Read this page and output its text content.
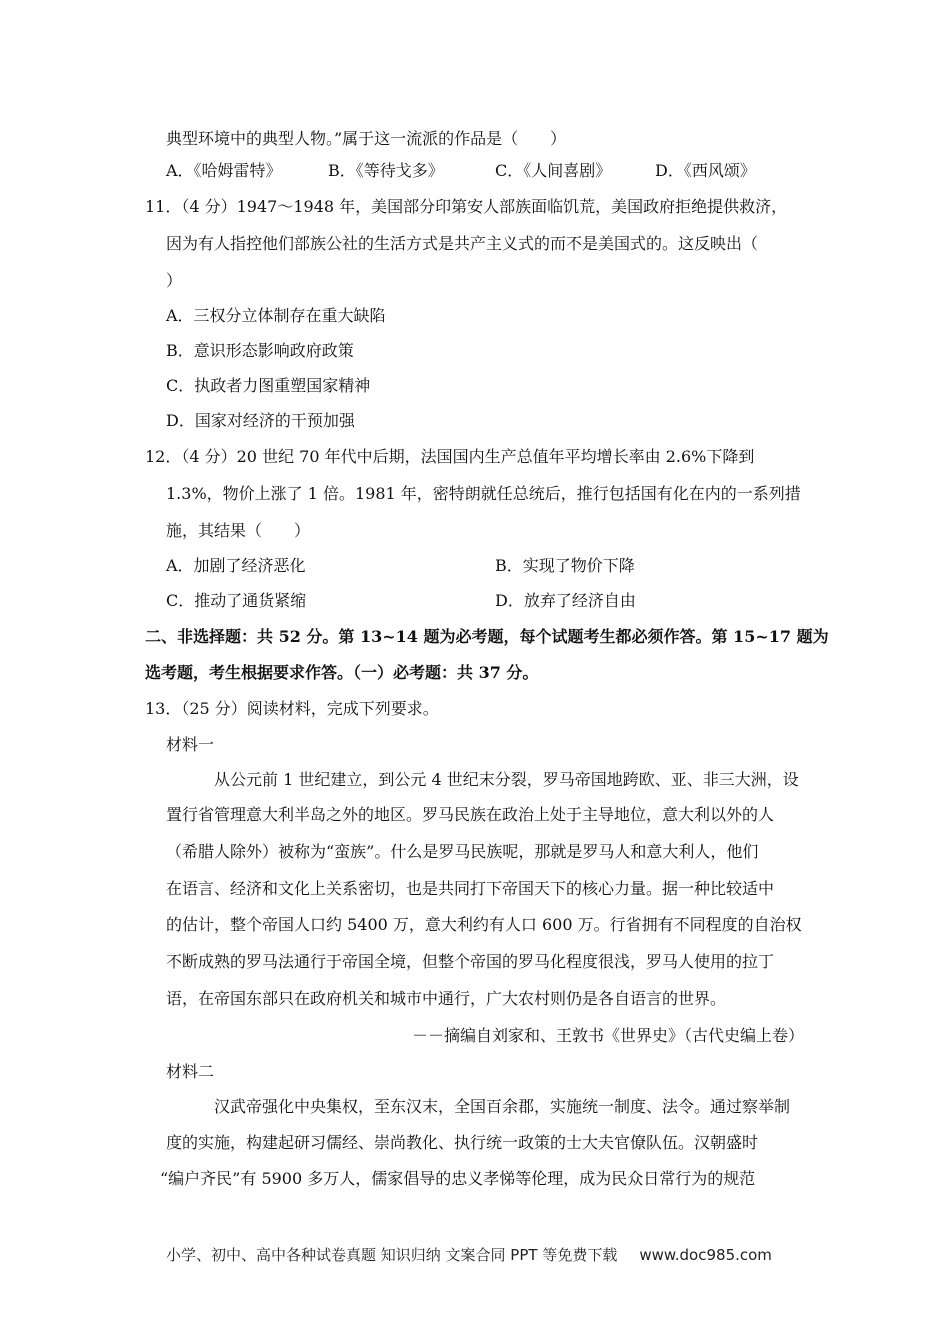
典型环境中的典型人物。”属于这一流派的作品是（　　）
A．《哈姆雷特》	B．《等待戈多》	C．《人间喜剧》	D．《西风颂》
11．（4 分）1947～1948 年，美国部分印第安人部族面临饥荒，美国政府拒绝提供救济，
因为有人指控他们部族公社的生活方式是共产主义式的而不是美国式的。这反映出（
）
A．三权分立体制存在重大缺陷
B．意识形态影响政府政策
C．执政者力图重塑国家精神
D．国家对经济的干预加强
12．（4 分）20 世纪 70 年代中后期，法国国内生产总值年平均增长率由 2.6%下降到
1.3%，物价上涨了 1 倍。1981 年，密特朗就任总统后，推行包括国有化在内的一系列措
施，其结果（　　）
A．加剧了经济恶化	B．实现了物价下降
C．推动了通货紧缩	D．放弃了经济自由
二、非选择题：共 52 分。第 13~14 题为必考题，每个试题考生都必须作答。第 15~17 题为
选考题，考生根据要求作答。（一）必考题：共 37 分。
13．（25 分）阅读材料，完成下列要求。
材料一
从公元前 1 世纪建立，到公元 4 世纪末分裂，罗马帝国地跨欧、亚、非三大洲，设
置行省管理意大利半岛之外的地区。罗马民族在政治上处于主导地位，意大利以外的人
（希腊人除外）被称为“蛮族”。什么是罗马民族呢，那就是罗马人和意大利人，他们
在语言、经济和文化上关系密切，也是共同打下帝国天下的核心力量。据一种比较适中
的估计，整个帝国人口约 5400 万，意大利约有人口 600 万。行省拥有不同程度的自治权
不断成熟的罗马法通行于帝国全境，但整个帝国的罗马化程度很浅，罗马人使用的拉丁
语，在帝国东部只在政府机关和城市中通行，广大农村则仍是各自语言的世界。
－－摘编自刘家和、王敦书《世界史》（古代史编上卷）
材料二
汉武帝强化中央集权，至东汉末，全国百余郡，实施统一制度、法令。通过察举制
度的实施，构建起研习儒经、崇尚教化、执行统一政策的士大夫官僚队伍。汉朝盛时
“编户齐民”有 5900 多万人，儒家倡导的忠义孝悌等伦理，成为民众日常行为的规范
小学、初中、高中各种试卷真题 知识归纳 文案合同 PPT 等免费下载 www.doc985.com
